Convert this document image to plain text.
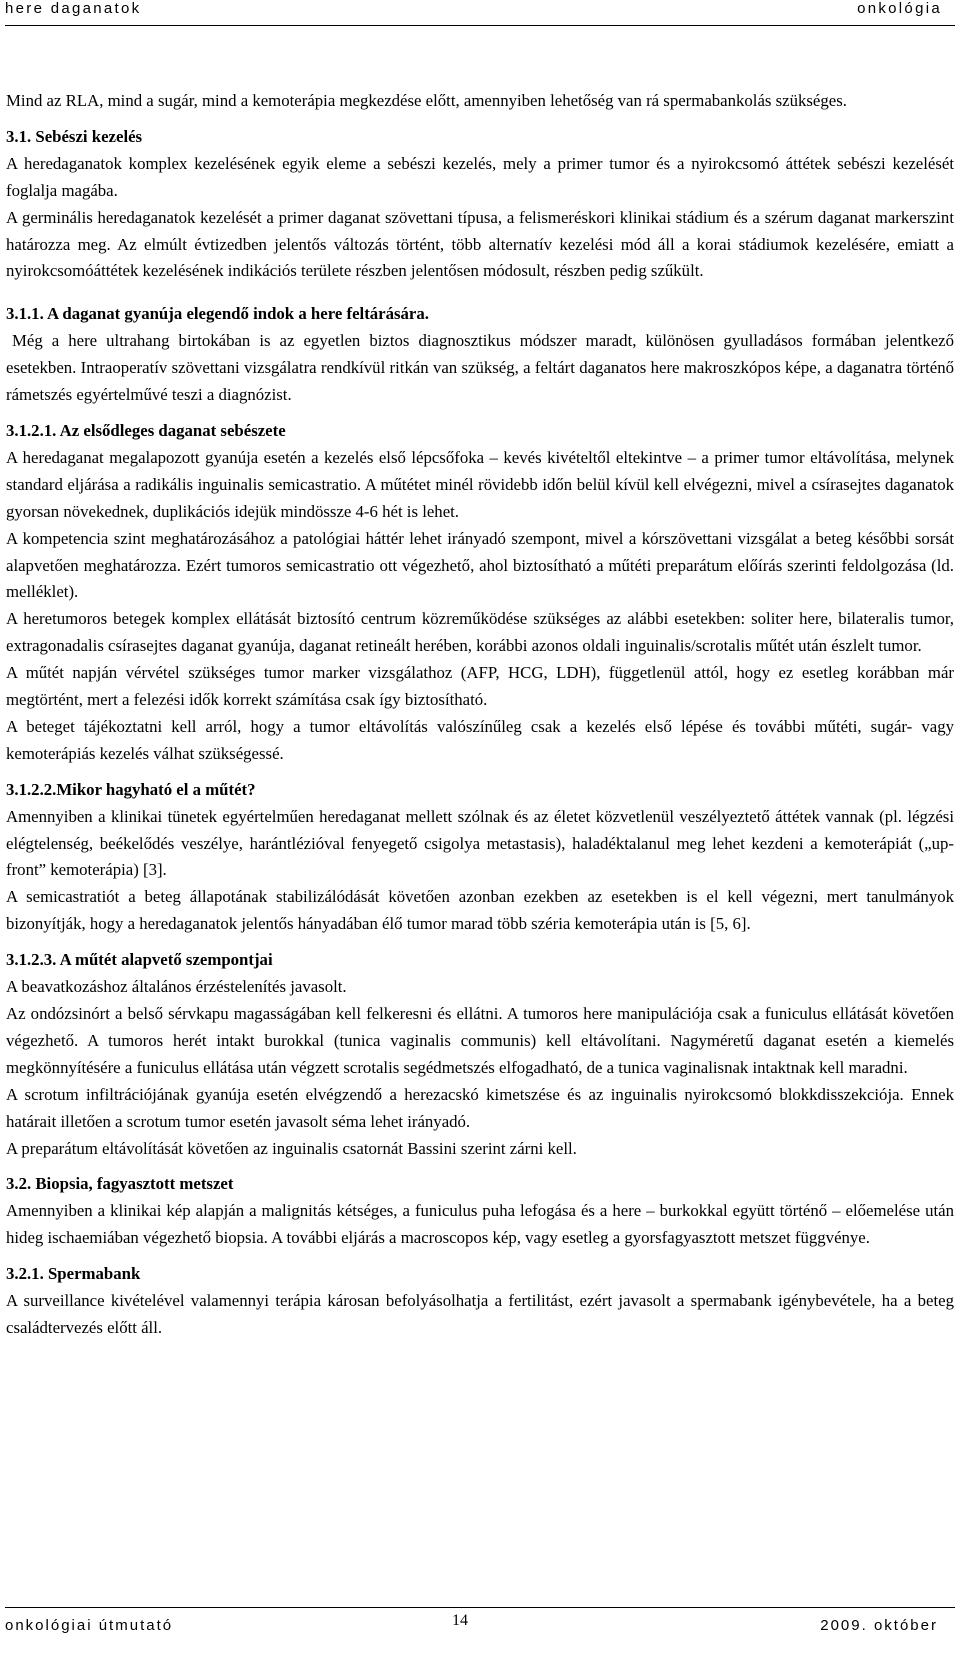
here daganatok	onkológia

Mind az RLA, mind a sugár, mind a kemoterápia megkezdése előtt, amennyiben lehetőség van rá spermabankolás szükséges.

3.1. Sebészi kezelés

A heredaganatok komplex kezelésének egyik eleme a sebészi kezelés, mely a primer tumor és a nyirokcsomó áttétek sebészi kezelését foglalja magába.

A germinális heredaganatok kezelését a primer daganat szövettani típusa, a felismeréskori klinikai stádium és a szérum daganat markerszint határozza meg. Az elmúlt évtizedben jelentős változás történt, több alternatív kezelési mód áll a korai stádiumok kezelésére, emiatt a nyirokcsomóáttétek kezelésének indikációs területe részben jelentősen módosult, részben pedig szűkült.

3.1.1. A daganat gyanúja elegendő indok a here feltárására.

Még a here ultrahang birtokában is az egyetlen biztos diagnosztikus módszer maradt, különösen gyulladásos formában jelentkező esetekben. Intraoperatív szövettani vizsgálatra rendkívül ritkán van szükség, a feltárt daganatos here makroszkópos képe, a daganatra történő rámetszés egyértelművé teszi a diagnózist.

3.1.2.1. Az elsődleges daganat sebészete

A heredaganat megalapozott gyanúja esetén a kezelés első lépcsőfoka – kevés kivételtől eltekintve – a primer tumor eltávolítása, melynek standard eljárása a radikális inguinalis semicastratio. A műtétet minél rövidebb időn belül kívül kell elvégezni, mivel a csírasejtes daganatok gyorsan növekednek, duplikációs idejük mindössze 4-6 hét is lehet.

A kompetencia szint meghatározásához a patológiai háttér lehet irányadó szempont, mivel a kórszövettani vizsgálat a beteg későbbi sorsát alapvetően meghatározza. Ezért tumoros semicastratio ott végezhető, ahol biztosítható a műtéti preparátum előírás szerinti feldolgozása (ld. melléklet).

A heretumoros betegek komplex ellátását biztosító centrum közreműködése szükséges az alábbi esetekben: soliter here, bilateralis tumor, extragonadalis csírasejtes daganat gyanúja, daganat retineált herében, korábbi azonos oldali inguinalis/scrotalis műtét után észlelt tumor.

A műtét napján vérvétel szükséges tumor marker vizsgálathoz (AFP, HCG, LDH), függetlenül attól, hogy ez esetleg korábban már megtörtént, mert a felezési idők korrekt számítása csak így biztosítható.

A beteget tájékoztatni kell arról, hogy a tumor eltávolítás valószínűleg csak a kezelés első lépése és további műtéti, sugár- vagy kemoterápiás kezelés válhat szükségessé.

3.1.2.2.Mikor hagyható el a műtét?

Amennyiben a klinikai tünetek egyértelműen heredaganat mellett szólnak és az életet közvetlenül veszélyeztető áttétek vannak (pl. légzési elégtelenség, beékelődés veszélye, harántlézióval fenyegető csigolya metastasis), haladéktalanul meg lehet kezdeni a kemoterápiát („up-front” kemoterápia) [3].

A semicastratiót a beteg állapotának stabilizálódását követően azonban ezekben az esetekben is el kell végezni, mert tanulmányok bizonyítják, hogy a heredaganatok jelentős hányadában élő tumor marad több széria kemoterápia után is [5, 6].

3.1.2.3. A műtét alapvető szempontjai

A beavatkozáshoz általános érzéstelenítés javasolt.

Az ondózsinórt a belső sérvkapu magasságában kell felkeresni és ellátni. A tumoros here manipulációja csak a funiculus ellátását követően végezhető. A tumoros herét intakt burokkal (tunica vaginalis communis) kell eltávolítani. Nagyméretű daganat esetén a kiemelés megkönnyítésére a funiculus ellátása után végzett scrotalis segédmetszés elfogadható, de a tunica vaginalisnak intaktnak kell maradni.

A scrotum infiltrációjának gyanúja esetén elvégzendő a herezacskó kimetszése és az inguinalis nyirokcsomó blokkdisszekciója. Ennek határait illetően a scrotum tumor esetén javasolt séma lehet irányadó.

A preparátum eltávolítását követően az inguinalis csatornát Bassini szerint zárni kell.

3.2. Biopsia, fagyasztott metszet

Amennyiben a klinikai kép alapján a malignitás kétséges, a funiculus puha lefogása és a here – burkokkal együtt történő – előemelése után hideg ischaemiában végezhető biopsia. A további eljárás a macroscopos kép, vagy esetleg a gyorsfagyasztott metszet függvénye.

3.2.1. Spermabank

A surveillance kivételével valamennyi terápia károsan befolyásolhatja a fertilitást, ezért javasolt a spermabank igénybevétele, ha a beteg családtervezés előtt áll.

onkológiai útmutató	14	2009. október
